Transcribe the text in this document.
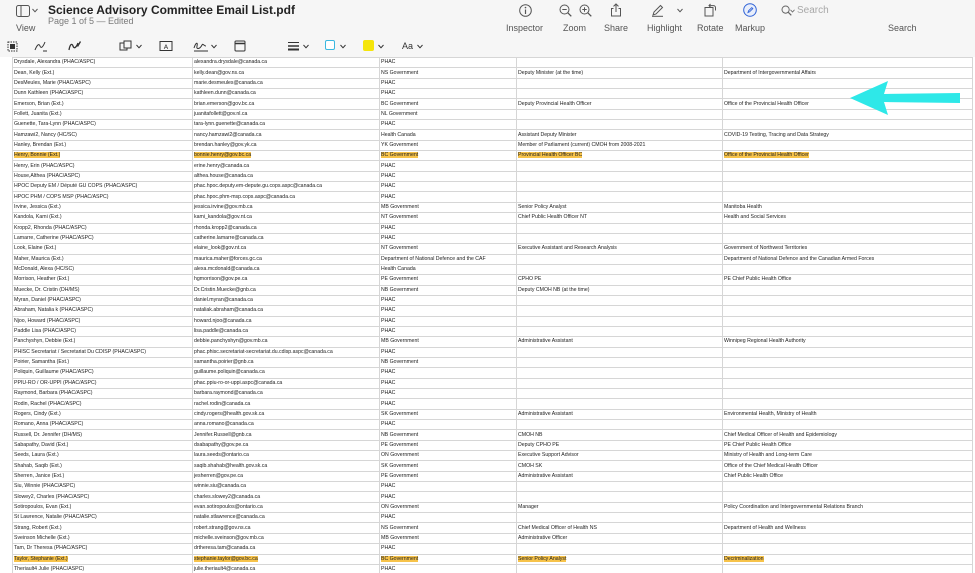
View
Science Advisory Committee Email List.pdf
Page 1 of 5 — Edited
Inspector Zoom Share Highlight Rotate Markup
Search
Search
A	Aa
Drysdale, Alexandra (PHAC/ASPC)	alexandra.drysdale@canada.ca	PHAC		
Dean, Kelly (Ext.)	kelly.dean@gov.ns.ca	NS Government	Deputy Minister (at the time)	Department of Intergovernmental Affairs
DesMeules, Marie (PHAC/ASPC)	marie.desmeules@canada.ca	PHAC		
Dunn Kathleen (PHAC/ASPC)	kathleen.dunn@canada.ca	PHAC		
Emerson, Brian (Ext.)	brian.emerson@gov.bc.ca	BC Government	Deputy Provincial Health Officer	Office of the Provincial Health Officer
Follett, Juanita (Ext.)	juanitafollett@gov.nl.ca	NL Government		
Guenette, Tara-Lynn (PHAC/ASPC)	tara-lynn.guenette@canada.ca	PHAC		
Hamzawi2, Nancy (HC/SC)	nancy.hamzawi2@canada.ca	Health Canada	Assistant Deputy Minister	COVID-19 Testing, Tracing and Data Strategy
Hanley, Brendan (Ext.)	brendan.hanley@gov.yk.ca	YK Government	Member of Parliament (current) CMOH from 2008-2021	
Henry, Bonnie (Ext.)	bonnie.henry@gov.bc.ca	BC Government	Provincial Health Officer BC	Office of the Provincial Health Officer
Henry, Erin (PHAC/ASPC)	erine.henry@canada.ca	PHAC		
House,Althea (PHAC/ASPC)	althea.house@canada.ca	PHAC		
HPOC Deputy EM / Député GU COPS (PHAC/ASPC)	phac.hpoc.deputy.em-depute.gu.cops.aspc@canada.ca	PHAC		
HPOC PHM / COPS MSP (PHAC/ASPC)	phac.hpoc.phm-msp.cops.aspc@canada.ca	PHAC		
Irvine, Jessica (Ext.)	jessica.irvine@gov.mb.ca	MB Government	Senior Policy Analyst	Manitoba Health
Kandola, Kami (Ext.)	kami_kandola@gov.nt.ca	NT Government	Chief Public Health Officer NT	Health and Social Services
Kropp2, Rhonda (PHAC/ASPC)	rhonda.kropp2@canada.ca	PHAC		
Lamarre, Catherine (PHAC/ASPC)	catherine.lamarre@canada.ca	PHAC		
Look, Elaine (Ext.)	elaine_look@gov.nt.ca	NT Government	Executive Assistant and Research Analysis	Government of Northwest Territories
Maher, Maurica (Ext.)	maurica.maher@forces.gc.ca	Department of National Defence and the CAF		Department of National Defence and the Canadian Armed Forces
McDonald, Alexa (HC/SC)	alexa.mcdonald@canada.ca	Health Canada		
Morrison, Heather (Ext.)	hgmorrison@gov.pe.ca	PE Government	CPHO PE	PE Chief Public Health Office
Muecke, Dr. Cristin (DH/MS)	Dr.Cristin.Muecke@gnb.ca	NB Government	Deputy CMOH NB (at the time)	
Myran, Daniel (PHAC/ASPC)	daniel.myran@canada.ca	PHAC		
Abraham, Natalia k (PHAC/ASPC)	nataliak.abraham@canada.ca	PHAC		
Njoo, Howard (PHAC/ASPC)	howard.njoo@canada.ca	PHAC		
Paddle Lisa (PHAC/ASPC)	lisa.paddle@canada.ca	PHAC		
Panchyshyn, Debbie (Ext.)	debbie.panchyshyn@gov.mb.ca	MB Government	Administrative Assistant	Winnipeg Regional Health Authority
PHISC Secretariat / Secretariat Du CDISP (PHAC/ASPC)	phac.phisc.secretariat-secretariat.du.cdisp.aspc@canada.ca	PHAC		
Poirier, Samantha (Ext.)	samantha.poirier@gnb.ca	NB Government		
Poliquin, Guillaume (PHAC/ASPC)	guillaume.poliquin@canada.ca	PHAC		
PPIU-RO / OR-UPPI (PHAC/ASPC)	phac.ppiu-ro-or-uppi.aspc@canada.ca	PHAC		
Raymond, Barbara (PHAC/ASPC)	barbara.raymond@canada.ca	PHAC		
Rodin, Rachel (PHAC/ASPC)	rachel.rodin@canada.ca	PHAC		
Rogers, Cindy (Ext.)	cindy.rogers@health.gov.sk.ca	SK Government	Administrative Assistant	Environmental Health, Ministry of Health
Romano, Anna (PHAC/ASPC)	anna.romano@canada.ca	PHAC		
Russell, Dr. Jennifer (DH/MS)	Jennifer.Russell@gnb.ca	NB Government	CMOH NB	Chief Medical Officer of Health and Epidemiology
Sabapathy, David (Ext.)	dsabapathy@gov.pe.ca	PE Government	Deputy CPHO PE	PE Chief Public Health Office
Seeds, Laura (Ext.)	laura.seeds@ontario.ca	ON Government	Executive Support Advisor	Ministry of Health and Long-term Care
Shahab, Saqib (Ext.)	saqib.shahab@health.gov.sk.ca	SK Government	CMOH SK	Office of the Chief Medical Health Officer
Sherren, Janice (Ext.)	jesherren@gov.pe.ca	PE Government	Administrative Assistant	Chief Public Health Office
Siu, Winnie (PHAC/ASPC)	winnie.siu@canada.ca	PHAC		
Slowey2, Charles (PHAC/ASPC)	charles.slowey2@canada.ca	PHAC		
Sotiropoulos, Evan (Ext.)	evan.sotiropoulos@ontario.ca	ON Government	Manager	Policy Coordination and Intergovernmental Relations Branch
St Lawrence, Natalie (PHAC/ASPC)	natalie.stlawrence@canada.ca	PHAC		
Strang, Robert (Ext.)	robert.strang@gov.ns.ca	NS Government	Chief Medical Officer of Health NS	Department of Health and Wellness
Sveinson Michelle (Ext.)	michelle.sveinson@gov.mb.ca	MB Government	Administrative Officer	
Tam, Dr Theresa (PHAC/ASPC)	drtheresa.tam@canada.ca	PHAC		
Taylor, Stephanie (Ext.)	stephanie.taylor@gov.bc.ca	BC Government	Senior Policy Analyst	Decriminalization
Theriault4 Julie (PHAC/ASPC)	julie.theriault4@canada.ca	PHAC		
